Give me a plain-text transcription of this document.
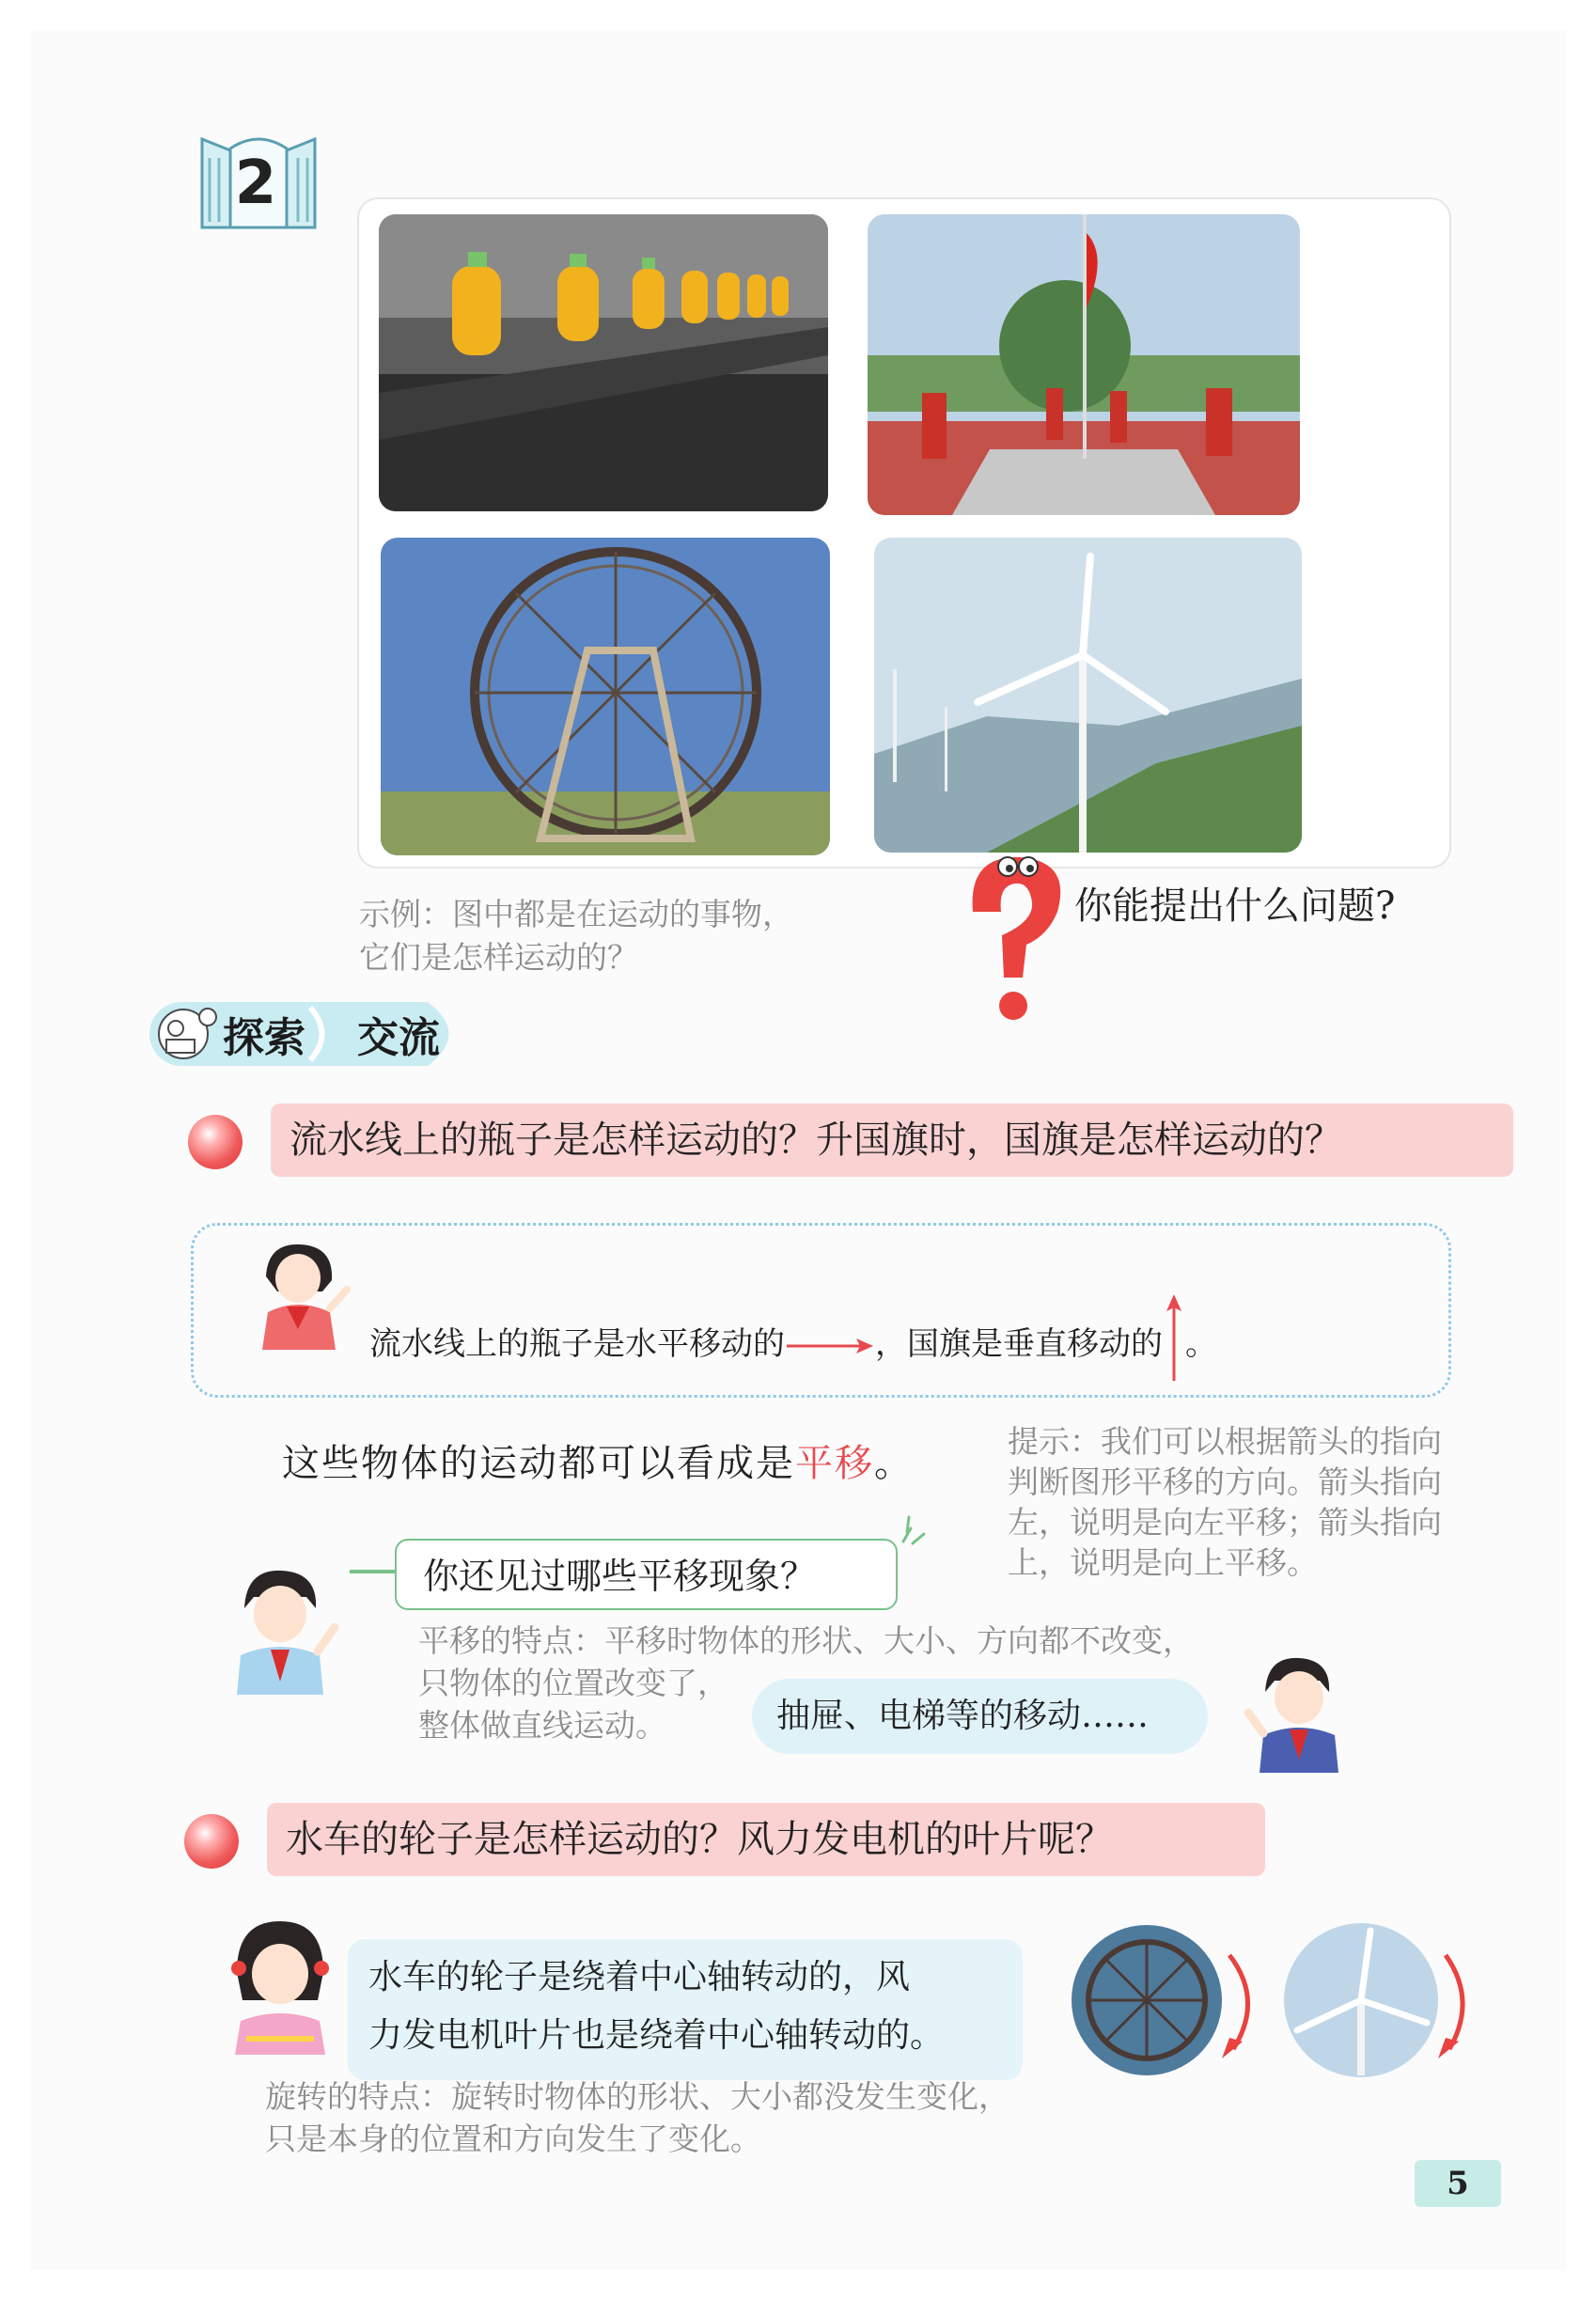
2
你能提出什么问题?
示例：图中都是在运动的事物，
它们是怎样运动的？
探索 交流
流水线上的瓶子是怎样运动的？升国旗时，国旗是怎样运动的？
流水线上的瓶子是水平移动的	，国旗是垂直移动的 。
这些物体的运动都可以看成是平移。
提示：我们可以根据箭头的指向
判断图形平移的方向。箭头指向
左，说明是向左平移；箭头指向
上，说明是向上平移。
你还见过哪些平移现象？
平移的特点：平移时物体的形状、大小、方向都不改变，
只物体的位置改变了，
整体做直线运动。	抽屉、电梯等的移动……
水车的轮子是怎样运动的？风力发电机的叶片呢？
水车的轮子是绕着中心轴转动的，风
力发电机叶片也是绕着中心轴转动的。
旋转的特点：旋转时物体的形状、大小都没发生变化，
只是本身的位置和方向发生了变化。
5
